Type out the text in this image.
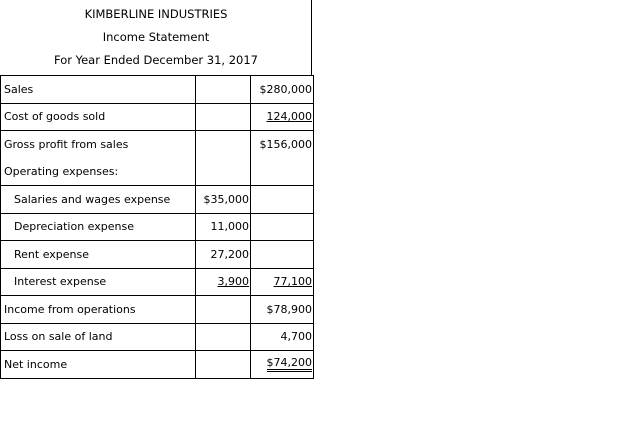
KIMBERLINE INDUSTRIES
Income Statement
For Year Ended December 31, 2017
Sales		$280,000
Cost of goods sold		124,000
Gross profit from sales		$156,000
Operating expenses:		
Salaries and wages expense	$35,000	
Depreciation expense	11,000	
Rent expense	27,200	
Interest expense	3,900	77,100
Income from operations		$78,900
Loss on sale of land		4,700
Net income		$74,200
